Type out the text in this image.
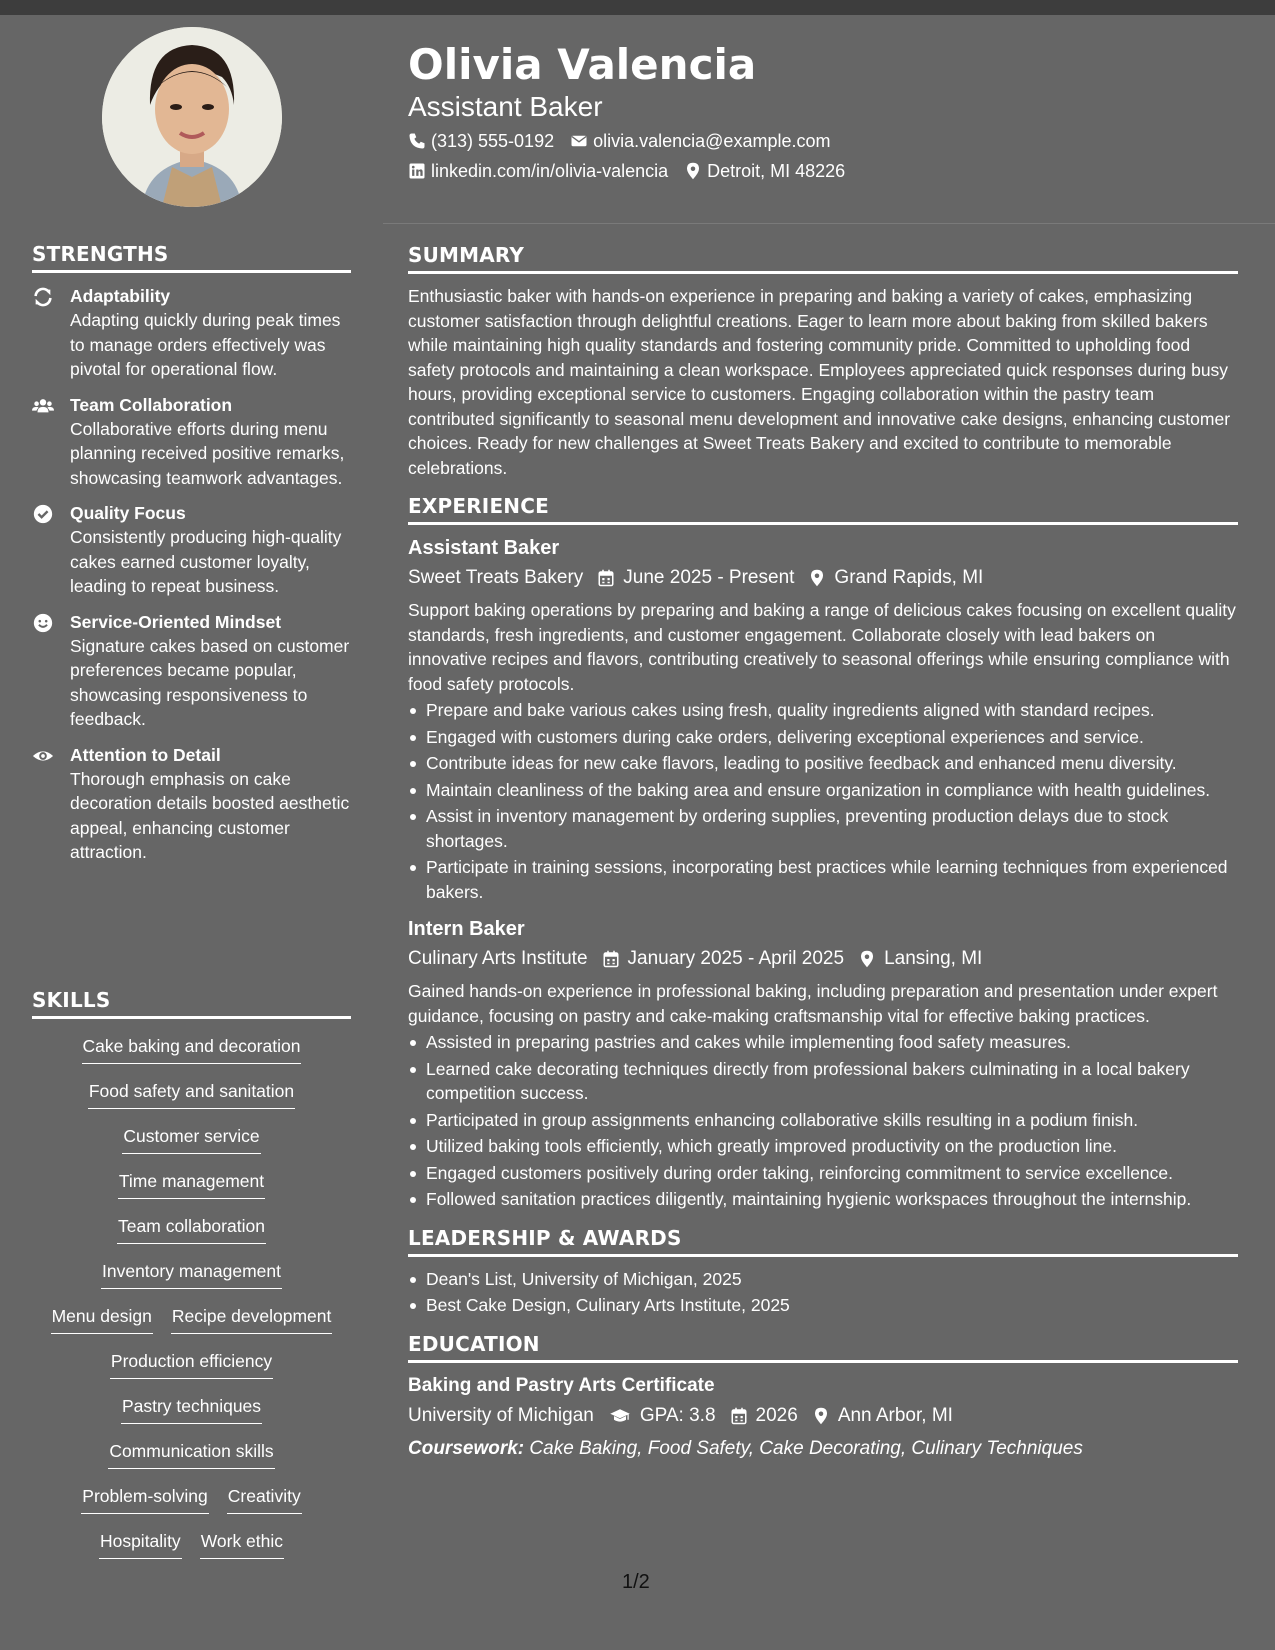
STRENGTHS
Adaptability
Adapting quickly during peak times to manage orders effectively was pivotal for operational flow.
Team Collaboration
Collaborative efforts during menu planning received positive remarks, showcasing teamwork advantages.
Quality Focus
Consistently producing high-quality cakes earned customer loyalty, leading to repeat business.
Service-Oriented Mindset
Signature cakes based on customer preferences became popular, showcasing responsiveness to feedback.
Attention to Detail
Thorough emphasis on cake decoration details boosted aesthetic appeal, enhancing customer attraction.
SKILLS
Cake baking and decoration
Food safety and sanitation
Customer service
Time management
Team collaboration
Inventory management
Menu design Recipe development
Production efficiency
Pastry techniques
Communication skills
Problem-solving Creativity
Hospitality Work ethic
Olivia Valencia
Assistant Baker
(313) 555-0192 olivia.valencia@example.com
linkedin.com/in/olivia-valencia Detroit, MI 48226
SUMMARY
Enthusiastic baker with hands-on experience in preparing and baking a variety of cakes, emphasizing customer satisfaction through delightful creations. Eager to learn more about baking from skilled bakers while maintaining high quality standards and fostering community pride. Committed to upholding food safety protocols and maintaining a clean workspace. Employees appreciated quick responses during busy hours, providing exceptional service to customers. Engaging collaboration within the pastry team contributed significantly to seasonal menu development and innovative cake designs, enhancing customer choices. Ready for new challenges at Sweet Treats Bakery and excited to contribute to memorable celebrations.
EXPERIENCE
Assistant Baker
Sweet Treats Bakery June 2025 - Present Grand Rapids, MI
Support baking operations by preparing and baking a range of delicious cakes focusing on excellent quality standards, fresh ingredients, and customer engagement. Collaborate closely with lead bakers on innovative recipes and flavors, contributing creatively to seasonal offerings while ensuring compliance with food safety protocols.
Prepare and bake various cakes using fresh, quality ingredients aligned with standard recipes.
Engaged with customers during cake orders, delivering exceptional experiences and service.
Contribute ideas for new cake flavors, leading to positive feedback and enhanced menu diversity.
Maintain cleanliness of the baking area and ensure organization in compliance with health guidelines.
Assist in inventory management by ordering supplies, preventing production delays due to stock shortages.
Participate in training sessions, incorporating best practices while learning techniques from experienced bakers.
Intern Baker
Culinary Arts Institute January 2025 - April 2025 Lansing, MI
Gained hands-on experience in professional baking, including preparation and presentation under expert guidance, focusing on pastry and cake-making craftsmanship vital for effective baking practices.
Assisted in preparing pastries and cakes while implementing food safety measures.
Learned cake decorating techniques directly from professional bakers culminating in a local bakery competition success.
Participated in group assignments enhancing collaborative skills resulting in a podium finish.
Utilized baking tools efficiently, which greatly improved productivity on the production line.
Engaged customers positively during order taking, reinforcing commitment to service excellence.
Followed sanitation practices diligently, maintaining hygienic workspaces throughout the internship.
LEADERSHIP & AWARDS
Dean's List, University of Michigan, 2025
Best Cake Design, Culinary Arts Institute, 2025
EDUCATION
Baking and Pastry Arts Certificate
University of Michigan GPA: 3.8 2026 Ann Arbor, MI
Coursework: Cake Baking, Food Safety, Cake Decorating, Culinary Techniques
1/2
